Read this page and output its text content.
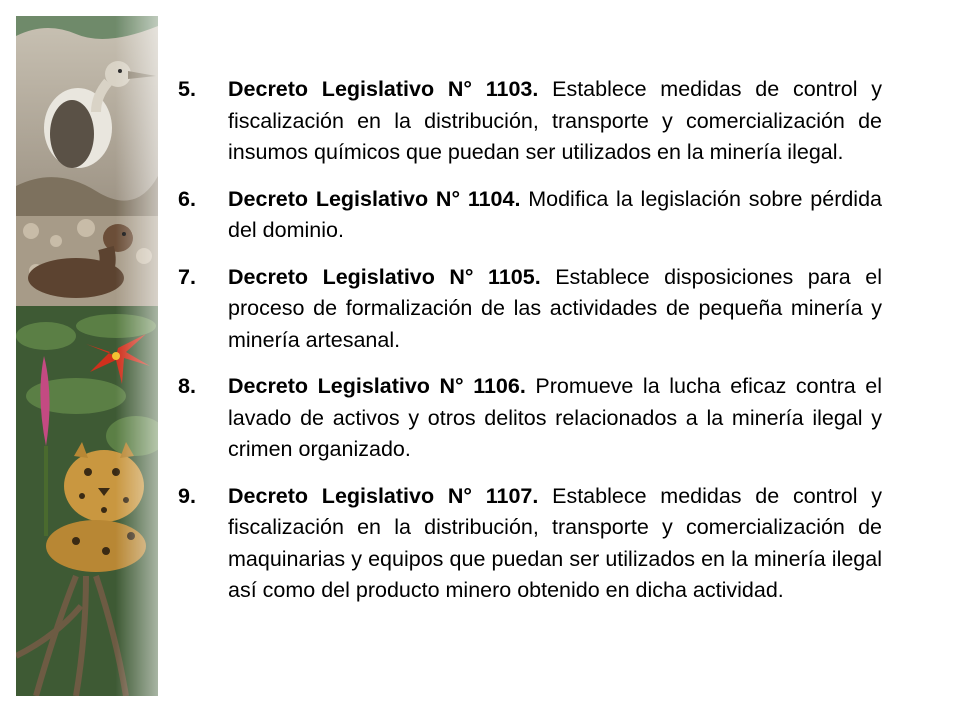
5.	Decreto Legislativo N° 1103. Establece medidas de control y fiscalización en la distribución, transporte y comercialización de insumos químicos que puedan ser utilizados en la minería ilegal.
6.	Decreto Legislativo N° 1104. Modifica la legislación sobre pérdida del dominio.
7.	Decreto Legislativo N° 1105. Establece disposiciones para el proceso de formalización de las actividades de pequeña minería y minería artesanal.
8.	Decreto Legislativo N° 1106. Promueve la lucha eficaz contra el lavado de activos y otros delitos relacionados a la minería ilegal y crimen organizado.
9.	Decreto Legislativo N° 1107. Establece medidas de control y fiscalización en la distribución, transporte y comercialización de maquinarias y equipos que puedan ser utilizados en la minería ilegal así como del producto minero obtenido en dicha actividad.
